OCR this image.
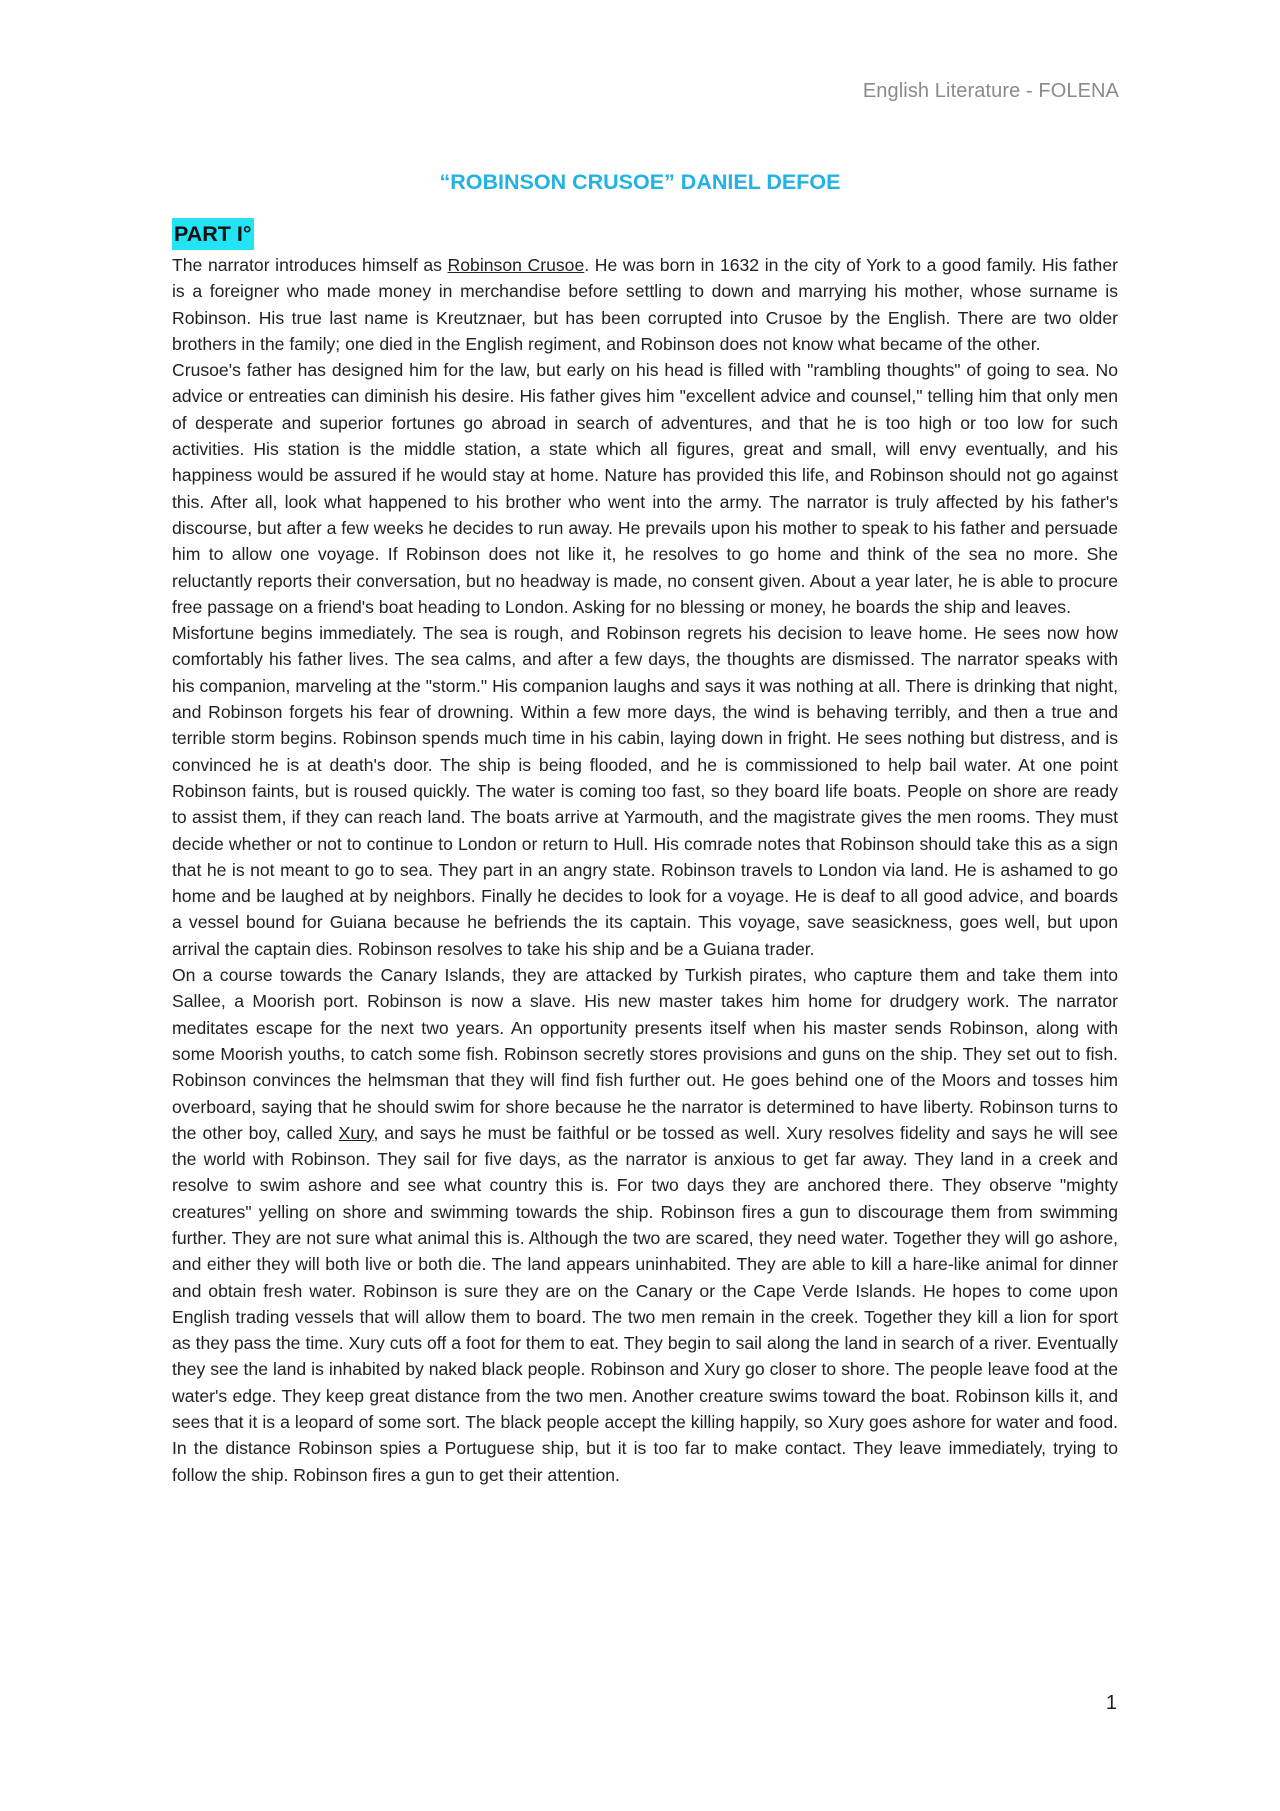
English Literature - FOLENA
“ROBINSON CRUSOE” DANIEL DEFOE
PART I°

The narrator introduces himself as Robinson Crusoe. He was born in 1632 in the city of York to a good family. His father is a foreigner who made money in merchandise before settling to down and marrying his mother, whose surname is Robinson. His true last name is Kreutznaer, but has been corrupted into Crusoe by the English. There are two older brothers in the family; one died in the English regiment, and Robinson does not know what became of the other.

Crusoe's father has designed him for the law, but early on his head is filled with "rambling thoughts" of going to sea. No advice or entreaties can diminish his desire. His father gives him "excellent advice and counsel," telling him that only men of desperate and superior fortunes go abroad in search of adventures, and that he is too high or too low for such activities. His station is the middle station, a state which all figures, great and small, will envy eventually, and his happiness would be assured if he would stay at home. Nature has provided this life, and Robinson should not go against this. After all, look what happened to his brother who went into the army. The narrator is truly affected by his father's discourse, but after a few weeks he decides to run away. He prevails upon his mother to speak to his father and persuade him to allow one voyage. If Robinson does not like it, he resolves to go home and think of the sea no more. She reluctantly reports their conversation, but no headway is made, no consent given. About a year later, he is able to procure free passage on a friend's boat heading to London. Asking for no blessing or money, he boards the ship and leaves.

Misfortune begins immediately. The sea is rough, and Robinson regrets his decision to leave home. He sees now how comfortably his father lives. The sea calms, and after a few days, the thoughts are dismissed. The narrator speaks with his companion, marveling at the "storm." His companion laughs and says it was nothing at all. There is drinking that night, and Robinson forgets his fear of drowning. Within a few more days, the wind is behaving terribly, and then a true and terrible storm begins. Robinson spends much time in his cabin, laying down in fright. He sees nothing but distress, and is convinced he is at death's door. The ship is being flooded, and he is commissioned to help bail water. At one point Robinson faints, but is roused quickly. The water is coming too fast, so they board life boats. People on shore are ready to assist them, if they can reach land. The boats arrive at Yarmouth, and the magistrate gives the men rooms. They must decide whether or not to continue to London or return to Hull. His comrade notes that Robinson should take this as a sign that he is not meant to go to sea. They part in an angry state. Robinson travels to London via land. He is ashamed to go home and be laughed at by neighbors. Finally he decides to look for a voyage. He is deaf to all good advice, and boards a vessel bound for Guiana because he befriends the its captain. This voyage, save seasickness, goes well, but upon arrival the captain dies. Robinson resolves to take his ship and be a Guiana trader.

On a course towards the Canary Islands, they are attacked by Turkish pirates, who capture them and take them into Sallee, a Moorish port. Robinson is now a slave. His new master takes him home for drudgery work. The narrator meditates escape for the next two years. An opportunity presents itself when his master sends Robinson, along with some Moorish youths, to catch some fish. Robinson secretly stores provisions and guns on the ship. They set out to fish. Robinson convinces the helmsman that they will find fish further out. He goes behind one of the Moors and tosses him overboard, saying that he should swim for shore because he the narrator is determined to have liberty. Robinson turns to the other boy, called Xury, and says he must be faithful or be tossed as well. Xury resolves fidelity and says he will see the world with Robinson. They sail for five days, as the narrator is anxious to get far away. They land in a creek and resolve to swim ashore and see what country this is. For two days they are anchored there. They observe "mighty creatures" yelling on shore and swimming towards the ship. Robinson fires a gun to discourage them from swimming further. They are not sure what animal this is. Although the two are scared, they need water. Together they will go ashore, and either they will both live or both die. The land appears uninhabited. They are able to kill a hare-like animal for dinner and obtain fresh water. Robinson is sure they are on the Canary or the Cape Verde Islands. He hopes to come upon English trading vessels that will allow them to board. The two men remain in the creek. Together they kill a lion for sport as they pass the time. Xury cuts off a foot for them to eat. They begin to sail along the land in search of a river. Eventually they see the land is inhabited by naked black people. Robinson and Xury go closer to shore. The people leave food at the water's edge. They keep great distance from the two men. Another creature swims toward the boat. Robinson kills it, and sees that it is a leopard of some sort. The black people accept the killing happily, so Xury goes ashore for water and food. In the distance Robinson spies a Portuguese ship, but it is too far to make contact. They leave immediately, trying to follow the ship. Robinson fires a gun to get their attention.

1
